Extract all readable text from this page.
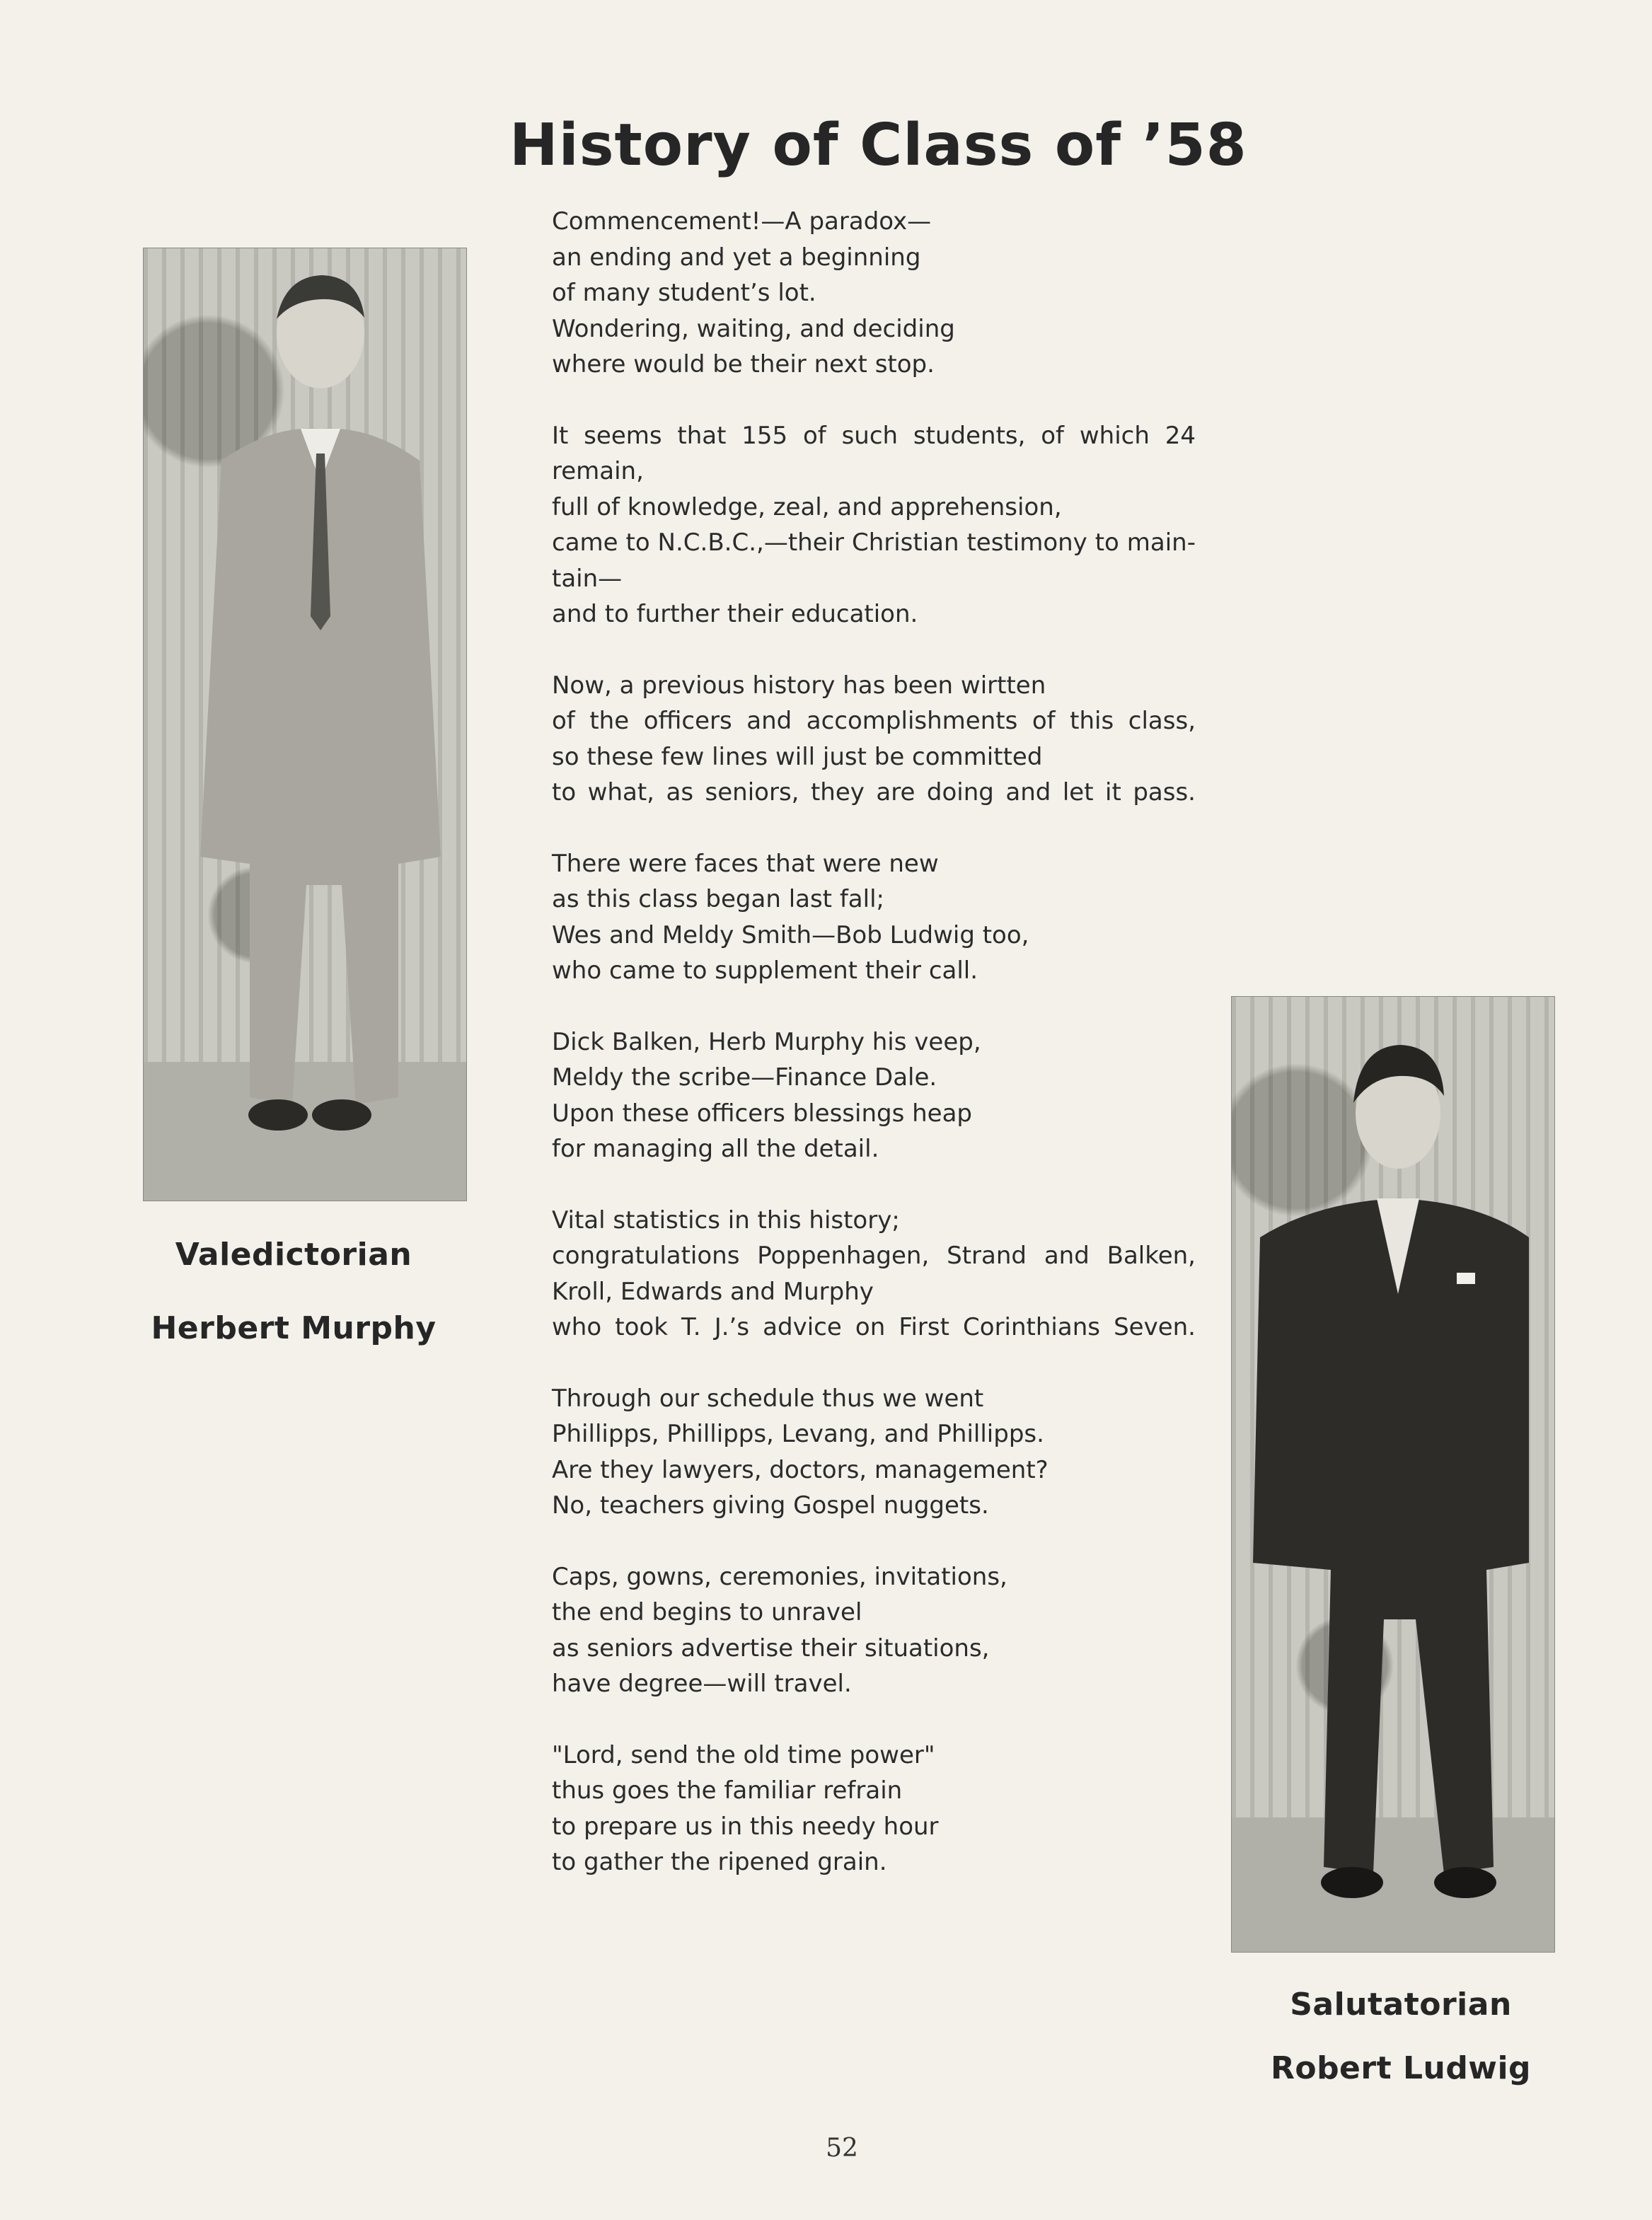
History of Class of ’58
Valedictorian
Herbert Murphy
Commencement!—A paradox—
an ending and yet a beginning
of many student’s lot.
Wondering, waiting, and deciding
where would be their next stop.
It seems that 155 of such students, of which 24 remain,
full of knowledge, zeal, and apprehension,
came to N.C.B.C.,—their Christian testimony to main-
tain—
and to further their education.
Now, a previous history has been wirtten
of the officers and accomplishments of this class,
so these few lines will just be committed
to what, as seniors, they are doing and let it pass.
There were faces that were new
as this class began last fall;
Wes and Meldy Smith—Bob Ludwig too,
who came to supplement their call.
Dick Balken, Herb Murphy his veep,
Meldy the scribe—Finance Dale.
Upon these officers blessings heap
for managing all the detail.
Vital statistics in this history;
congratulations Poppenhagen, Strand and Balken,
Kroll, Edwards and Murphy
who took T. J.’s advice on First Corinthians Seven.
Through our schedule thus we went
Phillipps, Phillipps, Levang, and Phillipps.
Are they lawyers, doctors, management?
No, teachers giving Gospel nuggets.
Caps, gowns, ceremonies, invitations,
the end begins to unravel
as seniors advertise their situations,
have degree—will travel.
"Lord, send the old time power"
thus goes the familiar refrain
to prepare us in this needy hour
to gather the ripened grain.
Salutatorian
Robert Ludwig
52
